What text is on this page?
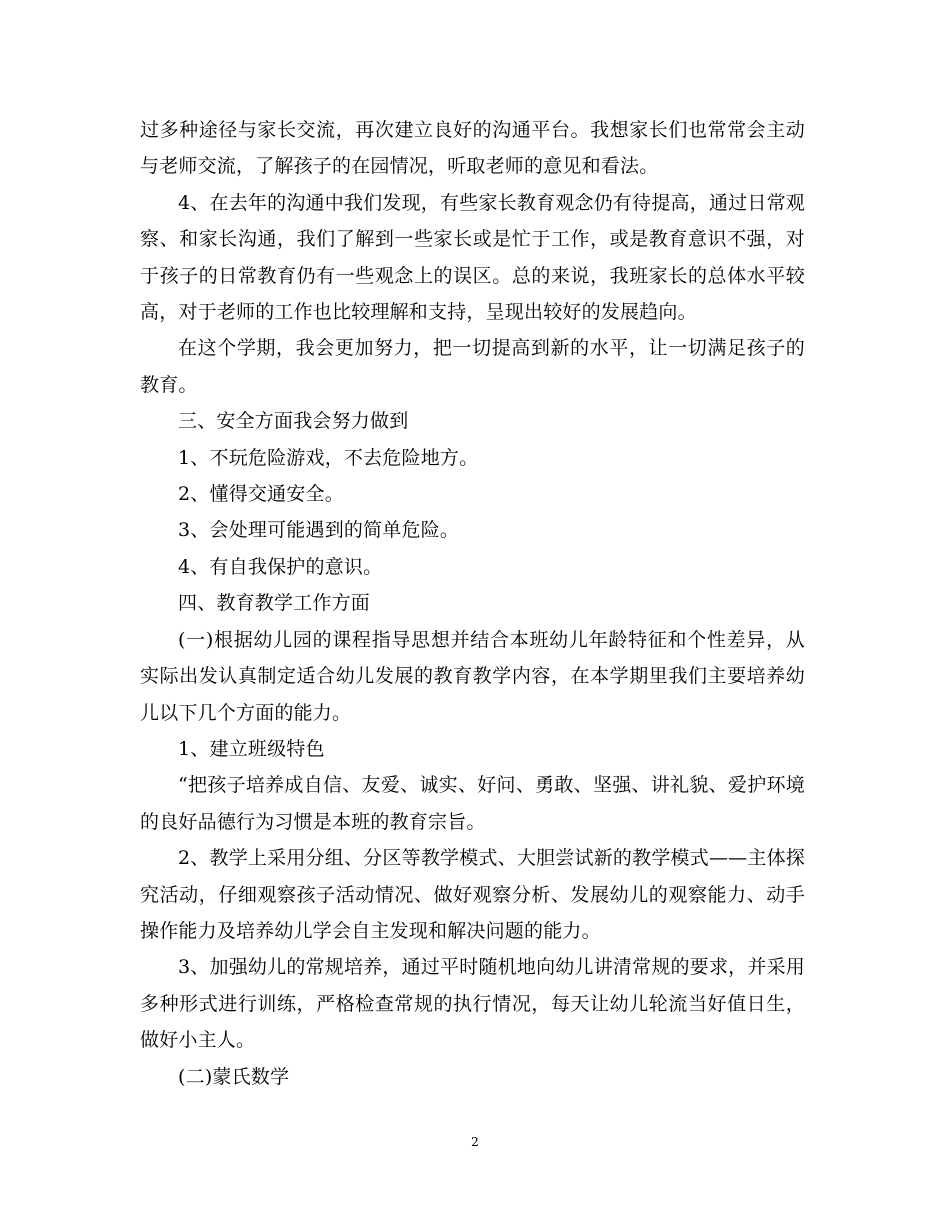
过多种途径与家长交流，再次建立良好的沟通平台。我想家长们也常常会主动与老师交流，了解孩子的在园情况，听取老师的意见和看法。

4、在去年的沟通中我们发现，有些家长教育观念仍有待提高，通过日常观察、和家长沟通，我们了解到一些家长或是忙于工作，或是教育意识不强，对于孩子的日常教育仍有一些观念上的误区。总的来说，我班家长的总体水平较高，对于老师的工作也比较理解和支持，呈现出较好的发展趋向。

在这个学期，我会更加努力，把一切提高到新的水平，让一切满足孩子的教育。

三、安全方面我会努力做到

1、不玩危险游戏，不去危险地方。

2、懂得交通安全。

3、会处理可能遇到的简单危险。

4、有自我保护的意识。

四、教育教学工作方面

(一)根据幼儿园的课程指导思想并结合本班幼儿年龄特征和个性差异，从实际出发认真制定适合幼儿发展的教育教学内容，在本学期里我们主要培养幼儿以下几个方面的能力。

1、建立班级特色

“把孩子培养成自信、友爱、诚实、好问、勇敢、坚强、讲礼貌、爱护环境的良好品德行为习惯是本班的教育宗旨。

2、教学上采用分组、分区等教学模式、大胆尝试新的教学模式——主体探究活动，仔细观察孩子活动情况、做好观察分析、发展幼儿的观察能力、动手操作能力及培养幼儿学会自主发现和解决问题的能力。

3、加强幼儿的常规培养，通过平时随机地向幼儿讲清常规的要求，并采用多种形式进行训练，严格检查常规的执行情况，每天让幼儿轮流当好值日生，做好小主人。

(二)蒙氏数学

2
